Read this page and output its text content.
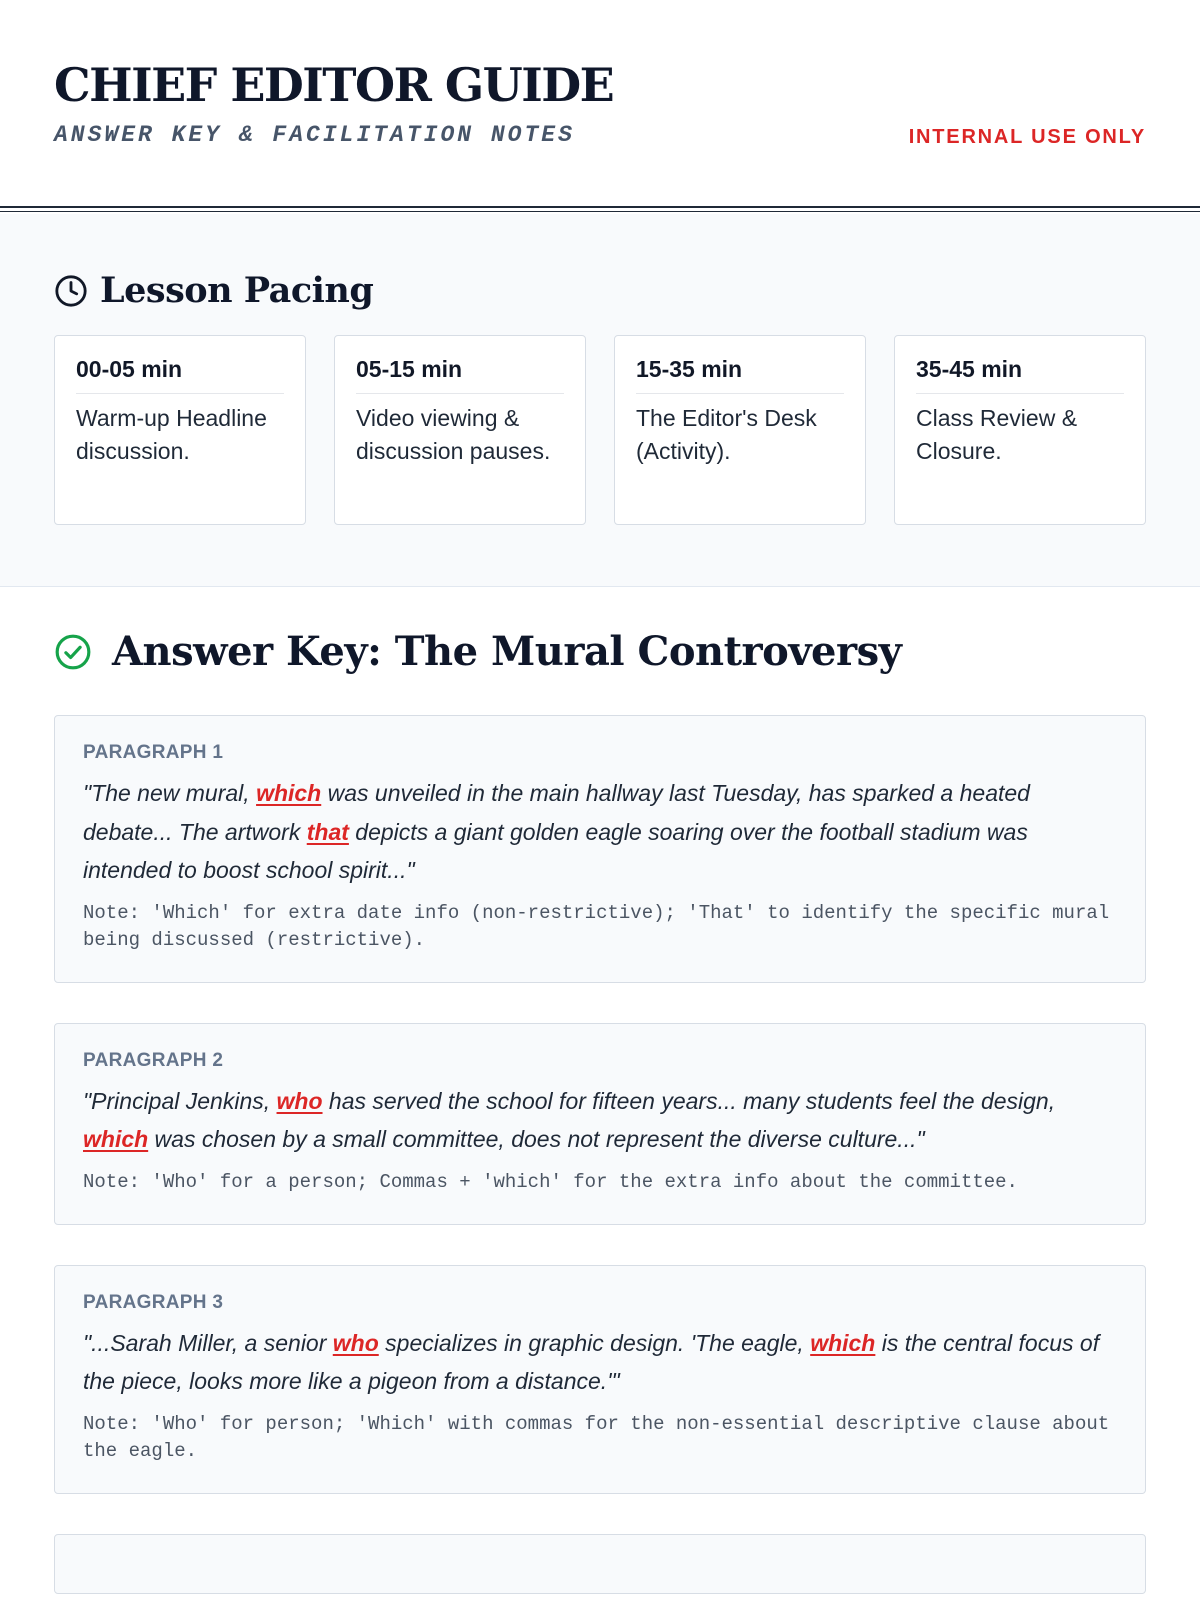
CHIEF EDITOR GUIDE
ANSWER KEY & FACILITATION NOTES	INTERNAL USE ONLY
Lesson Pacing
00-05 min
Warm-up Headline discussion.
05-15 min
Video viewing & discussion pauses.
15-35 min
The Editor's Desk (Activity).
35-45 min
Class Review & Closure.
Answer Key: The Mural Controversy
PARAGRAPH 1

"The new mural, which was unveiled in the main hallway last Tuesday, has sparked a heated debate... The artwork that depicts a giant golden eagle soaring over the football stadium was intended to boost school spirit..."

Note: 'Which' for extra date info (non-restrictive); 'That' to identify the specific mural being discussed (restrictive).

PARAGRAPH 2

"Principal Jenkins, who has served the school for fifteen years... many students feel the design, which was chosen by a small committee, does not represent the diverse culture..."

Note: 'Who' for a person; Commas + 'which' for the extra info about the committee.

PARAGRAPH 3

"...Sarah Miller, a senior who specializes in graphic design. 'The eagle, which is the central focus of the piece, looks more like a pigeon from a distance.'"

Note: 'Who' for person; 'Which' with commas for the non-essential descriptive clause about the eagle.
